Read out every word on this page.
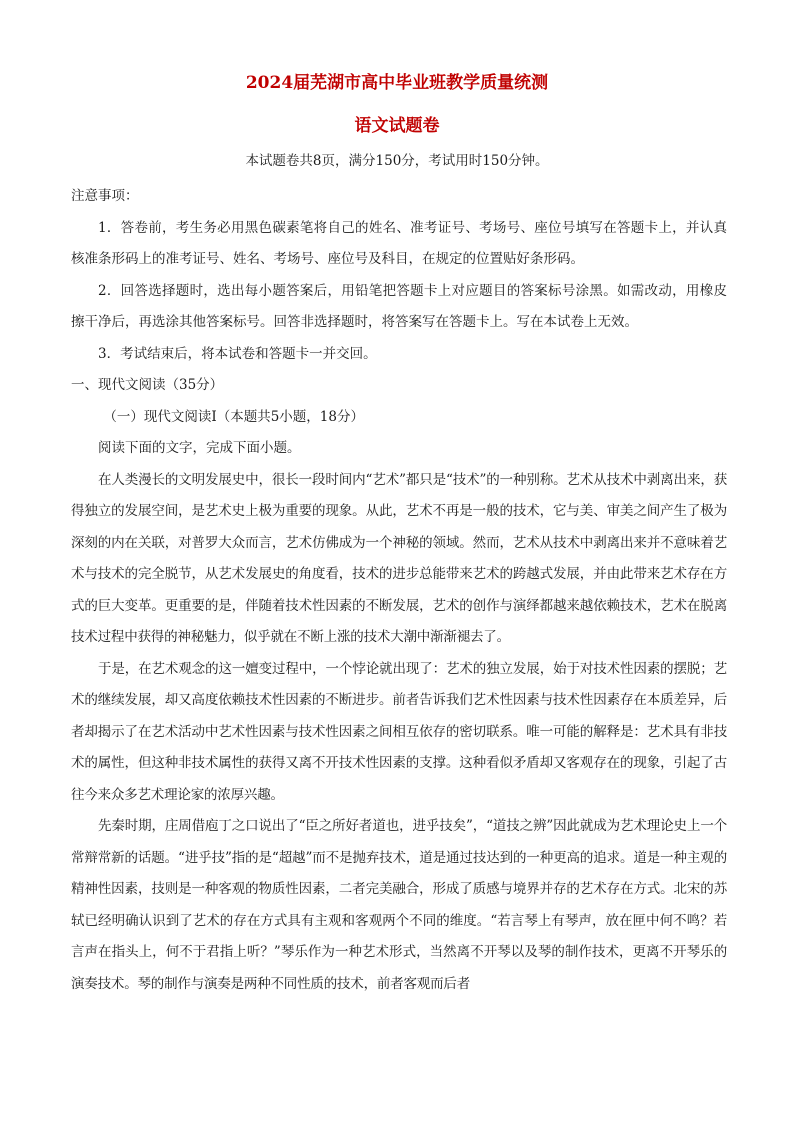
2024届芜湖市高中毕业班教学质量统测
语文试题卷
本试题卷共8页，满分150分，考试用时150分钟。

注意事项：

1．答卷前，考生务必用黑色碳素笔将自己的姓名、准考证号、考场号、座位号填写在答题卡上，并认真核准条形码上的准考证号、姓名、考场号、座位号及科目，在规定的位置贴好条形码。

2．回答选择题时，选出每小题答案后，用铅笔把答题卡上对应题目的答案标号涂黑。如需改动，用橡皮擦干净后，再选涂其他答案标号。回答非选择题时，将答案写在答题卡上。写在本试卷上无效。

3．考试结束后，将本试卷和答题卡一并交回。

一、现代文阅读（35分）

（一）现代文阅读Ⅰ（本题共5小题，18分）

阅读下面的文字，完成下面小题。

在人类漫长的文明发展史中，很长一段时间内“艺术”都只是“技术”的一种别称。艺术从技术中剥离出来，获得独立的发展空间，是艺术史上极为重要的现象。从此，艺术不再是一般的技术，它与美、审美之间产生了极为深刻的内在关联，对普罗大众而言，艺术仿佛成为一个神秘的领域。然而，艺术从技术中剥离出来并不意味着艺术与技术的完全脱节，从艺术发展史的角度看，技术的进步总能带来艺术的跨越式发展，并由此带来艺术存在方式的巨大变革。更重要的是，伴随着技术性因素的不断发展，艺术的创作与演绎都越来越依赖技术，艺术在脱离技术过程中获得的神秘魅力，似乎就在不断上涨的技术大潮中渐渐褪去了。

于是，在艺术观念的这一嬗变过程中，一个悖论就出现了：艺术的独立发展，始于对技术性因素的摆脱；艺术的继续发展，却又高度依赖技术性因素的不断进步。前者告诉我们艺术性因素与技术性因素存在本质差异，后者却揭示了在艺术活动中艺术性因素与技术性因素之间相互依存的密切联系。唯一可能的解释是：艺术具有非技术的属性，但这种非技术属性的获得又离不开技术性因素的支撑。这种看似矛盾却又客观存在的现象，引起了古往今来众多艺术理论家的浓厚兴趣。

先秦时期，庄周借庖丁之口说出了“臣之所好者道也，进乎技矣”，“道技之辨”因此就成为艺术理论史上一个常辩常新的话题。“进乎技”指的是“超越”而不是抛弃技术，道是通过技达到的一种更高的追求。道是一种主观的精神性因素，技则是一种客观的物质性因素，二者完美融合，形成了质感与境界并存的艺术存在方式。北宋的苏轼已经明确认识到了艺术的存在方式具有主观和客观两个不同的维度。“若言琴上有琴声，放在匣中何不鸣？若言声在指头上，何不于君指上听？”琴乐作为一种艺术形式，当然离不开琴以及琴的制作技术，更离不开琴乐的演奏技术。琴的制作与演奏是两种不同性质的技术，前者客观而后者
